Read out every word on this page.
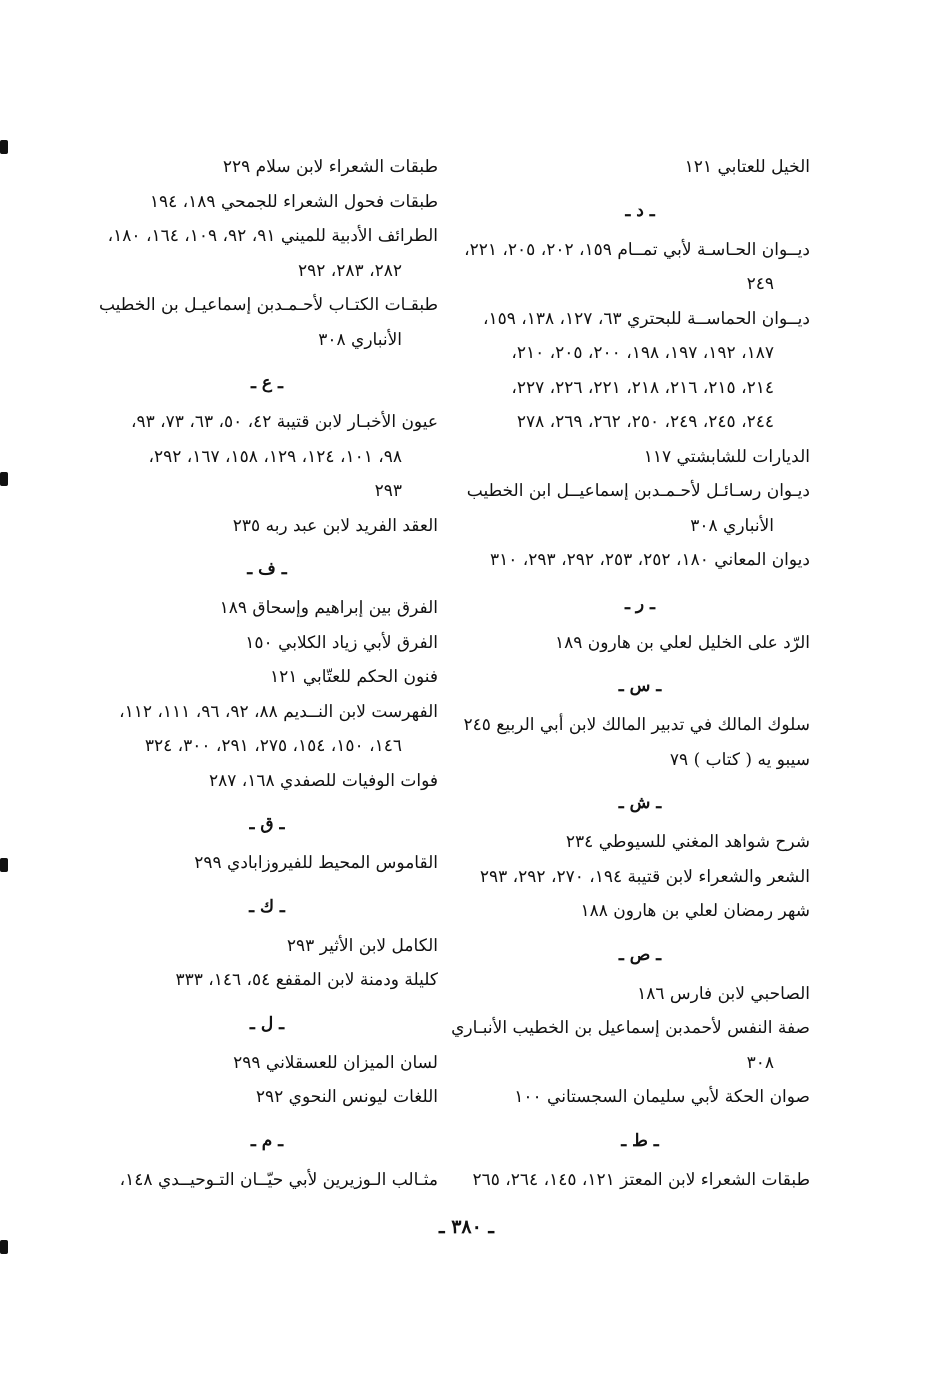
الخيل للعتابي ١٢١
ـ د ـ
ديــوان الحـاسـة لأبي تمــام ١٥٩، ٢٠٢، ٢٠٥، ٢٢١،
٢٤٩
ديــوان الحماســة للبحتري ٦٣، ١٢٧، ١٣٨، ١٥٩،
١٨٧، ١٩٢، ١٩٧، ١٩٨، ٢٠٠، ٢٠٥، ٢١٠،
٢١٤، ٢١٥، ٢١٦، ٢١٨، ٢٢١، ٢٢٦، ٢٢٧،
٢٤٤، ٢٤٥، ٢٤٩، ٢٥٠، ٢٦٢، ٢٦٩، ٢٧٨
الديارات للشابشتي ١١٧
ديـوان رسـائـل لأحـمـدبن إسماعيــل ابن الخطيب
الأنباري ٣٠٨
ديوان المعاني ١٨٠، ٢٥٢، ٢٥٣، ٢٩٢، ٢٩٣، ٣١٠
ـ ر ـ
الرّد على الخليل لعلي بن هارون ١٨٩
ـ س ـ
سلوك المالك في تدبير المالك لابن أبي الربيع ٢٤٥
سيبو يه ( كتاب ) ٧٩
ـ ش ـ
شرح شواهد المغني للسيوطي ٢٣٤
الشعر والشعراء لابن قتيبة ١٩٤، ٢٧٠، ٢٩٢، ٢٩٣
شهر رمضان لعلي بن هارون ١٨٨
ـ ص ـ
الصاحبي لابن فارس ١٨٦
صفة النفس لأحمدبن إسماعيل بن الخطيب الأنبـاري
٣٠٨
صوان الحكة لأبي سليمان السجستاني ١٠٠
ـ ط ـ
طبقات الشعراء لابن المعتز ١٢١، ١٤٥، ٢٦٤، ٢٦٥
طبقات الشعراء لابن سلام ٢٢٩
طبقات فحول الشعراء للجمحي ١٨٩، ١٩٤
الطرائف الأدبية للميني ٩١، ٩٢، ١٠٩، ١٦٤، ١٨٠،
٢٨٢، ٢٨٣، ٢٩٢
طبقـات الكتـاب لأحـمـدبن إسماعيـل بن الخطيب
الأنباري ٣٠٨
ـ ع ـ
عيون الأخبـار لابن قتيبة ٤٢، ٥٠، ٦٣، ٧٣، ٩٣،
٩٨، ١٠١، ١٢٤، ١٢٩، ١٥٨، ١٦٧، ٢٩٢،
٢٩٣
العقد الفريد لابن عبد ربه ٢٣٥
ـ ف ـ
الفرق بين إبراهيم وإسحاق ١٨٩
الفرق لأبي زياد الكلابي ١٥٠
فنون الحكم للعتّابي ١٢١
الفهرست لابن النــديم ٨٨، ٩٢، ٩٦، ١١١، ١١٢،
١٤٦، ١٥٠، ١٥٤، ٢٧٥، ٢٩١، ٣٠٠، ٣٢٤
فوات الوفيات للصفدي ١٦٨، ٢٨٧
ـ ق ـ
القاموس المحيط للفيروزابادي ٢٩٩
ـ ك ـ
الكامل لابن الأثير ٢٩٣
كليلة ودمنة لابن المقفع ٥٤، ١٤٦، ٣٣٣
ـ ل ـ
لسان الميزان للعسقلاني ٢٩٩
اللغات ليونس النحوي ٢٩٢
ـ م ـ
مثـالب الـوزيرين لأبي حيّــان التـوحيــدي ١٤٨،
ـ ٣٨٠ ـ
